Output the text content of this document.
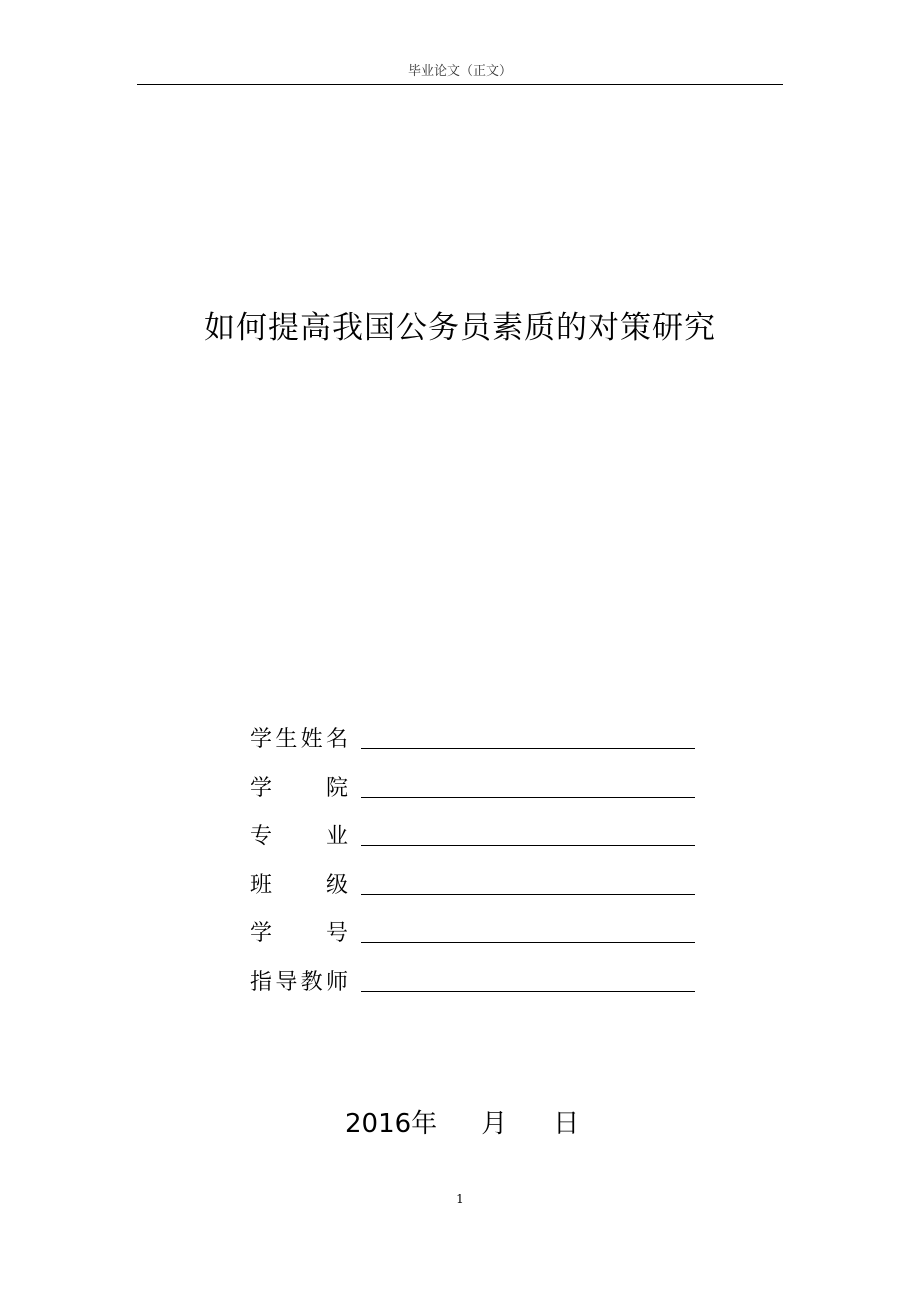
毕业论文（正文）
如何提高我国公务员素质的对策研究
学 生 姓 名
学 院
专 业
班 级
学 号
指 导 教 师
2016年 月 日
1
